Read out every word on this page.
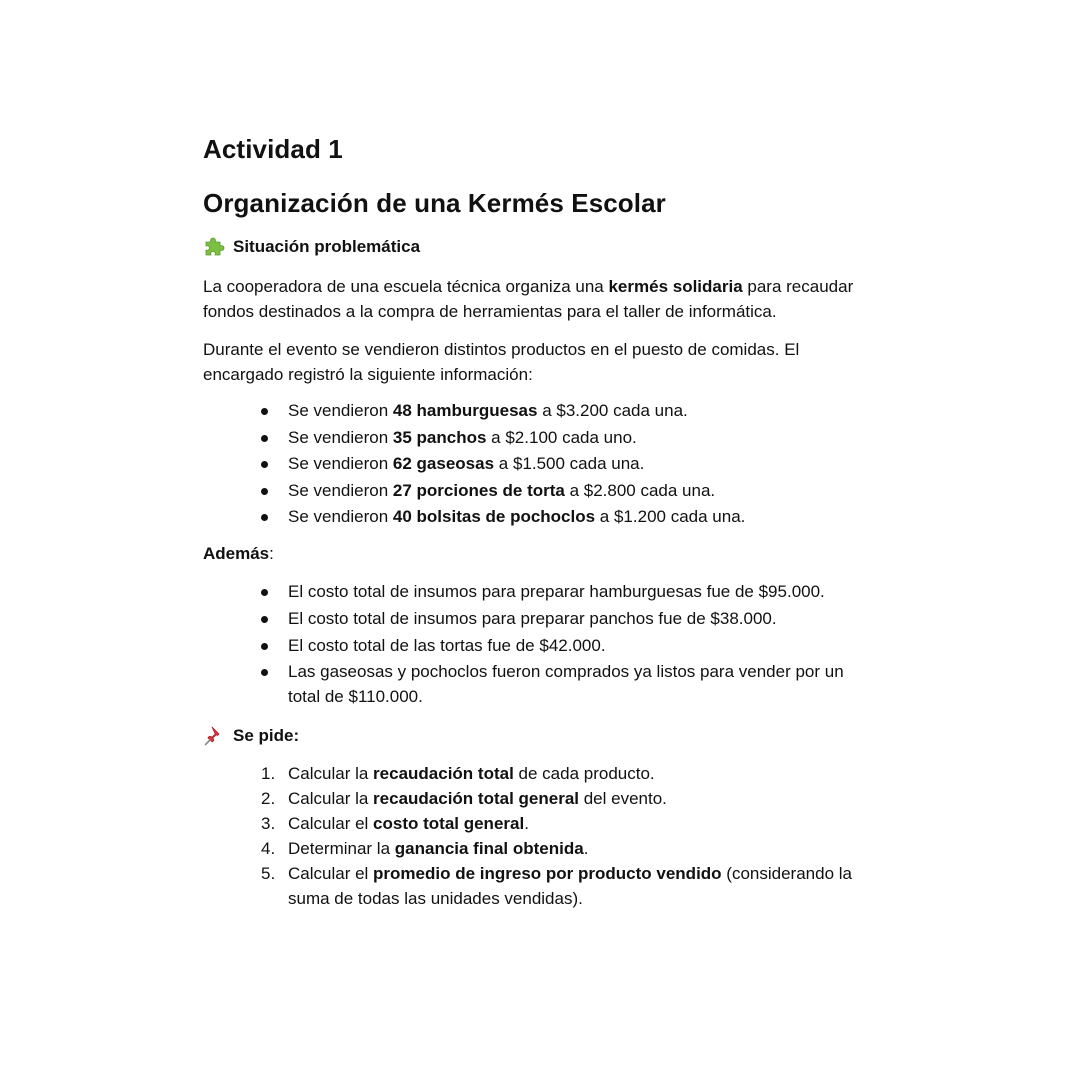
Actividad 1
Organización de una Kermés Escolar
Situación problemática

La cooperadora de una escuela técnica organiza una kermés solidaria para recaudar fondos destinados a la compra de herramientas para el taller de informática.

Durante el evento se vendieron distintos productos en el puesto de comidas. El encargado registró la siguiente información:

Se vendieron 48 hamburguesas a $3.200 cada una.
Se vendieron 35 panchos a $2.100 cada uno.
Se vendieron 62 gaseosas a $1.500 cada una.
Se vendieron 27 porciones de torta a $2.800 cada una.
Se vendieron 40 bolsitas de pochoclos a $1.200 cada una.
Además:
El costo total de insumos para preparar hamburguesas fue de $95.000.
El costo total de insumos para preparar panchos fue de $38.000.
El costo total de las tortas fue de $42.000.
Las gaseosas y pochoclos fueron comprados ya listos para vender por un total de $110.000.
Se pide:
1. Calcular la recaudación total de cada producto.
2. Calcular la recaudación total general del evento.
3. Calcular el costo total general.
4. Determinar la ganancia final obtenida.
5. Calcular el promedio de ingreso por producto vendido (considerando la suma de todas las unidades vendidas).
